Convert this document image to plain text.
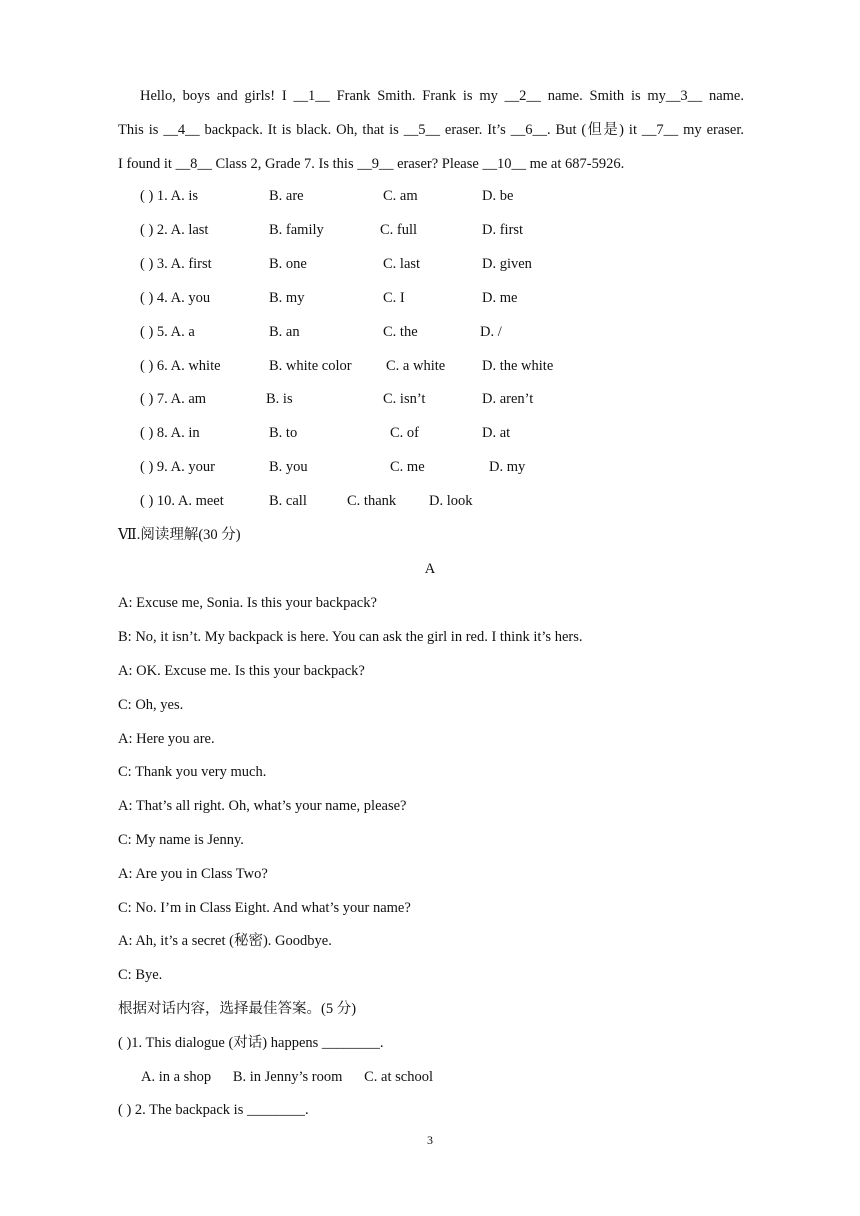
Hello, boys and girls! I __1__ Frank Smith. Frank is my __2__ name. Smith is my__3__ name.
This is __4__ backpack. It is black. Oh, that is __5__ eraser. It’s __6__. But (但是) it __7__ my eraser.
I found it __8__ Class 2, Grade 7. Is this __9__ eraser? Please __10__ me at 687-5926.
( ) 1. A. is	B. are	C. am	D. be
( ) 2. A. last	B. family	C. full	D. first
( ) 3. A. first	B. one	C. last	D. given
( ) 4. A. you	B. my	C. I	D. me
( ) 5. A. a	B. an	C. the	D. /
( ) 6. A. white	B. white color C. a white	D. the white
( ) 7. A. am	B. is	C. isn’t	D. aren’t
( ) 8. A. in	B. to	C. of	D. at
( ) 9. A. your	B. you	C. me	D. my
( ) 10. A. meet	B. call	C. thank D. look
Ⅶ.阅读理解(30 分)
A
A: Excuse me, Sonia. Is this your backpack?
B: No, it isn’t. My backpack is here. You can ask the girl in red. I think it’s hers.
A: OK. Excuse me. Is this your backpack?
C: Oh, yes.
A: Here you are.
C: Thank you very much.
A: That’s all right. Oh, what’s your name, please?
C: My name is Jenny.
A: Are you in Class Two?
C: No. I’m in Class Eight. And what’s your name?
A: Ah, it’s a secret (秘密). Goodbye.
C: Bye.
根据对话内容，选择最佳答案。(5 分)
( )1. This dialogue (对话) happens ________.
A. in a shop      B. in Jenny’s room      C. at school
( ) 2. The backpack is ________.
3
